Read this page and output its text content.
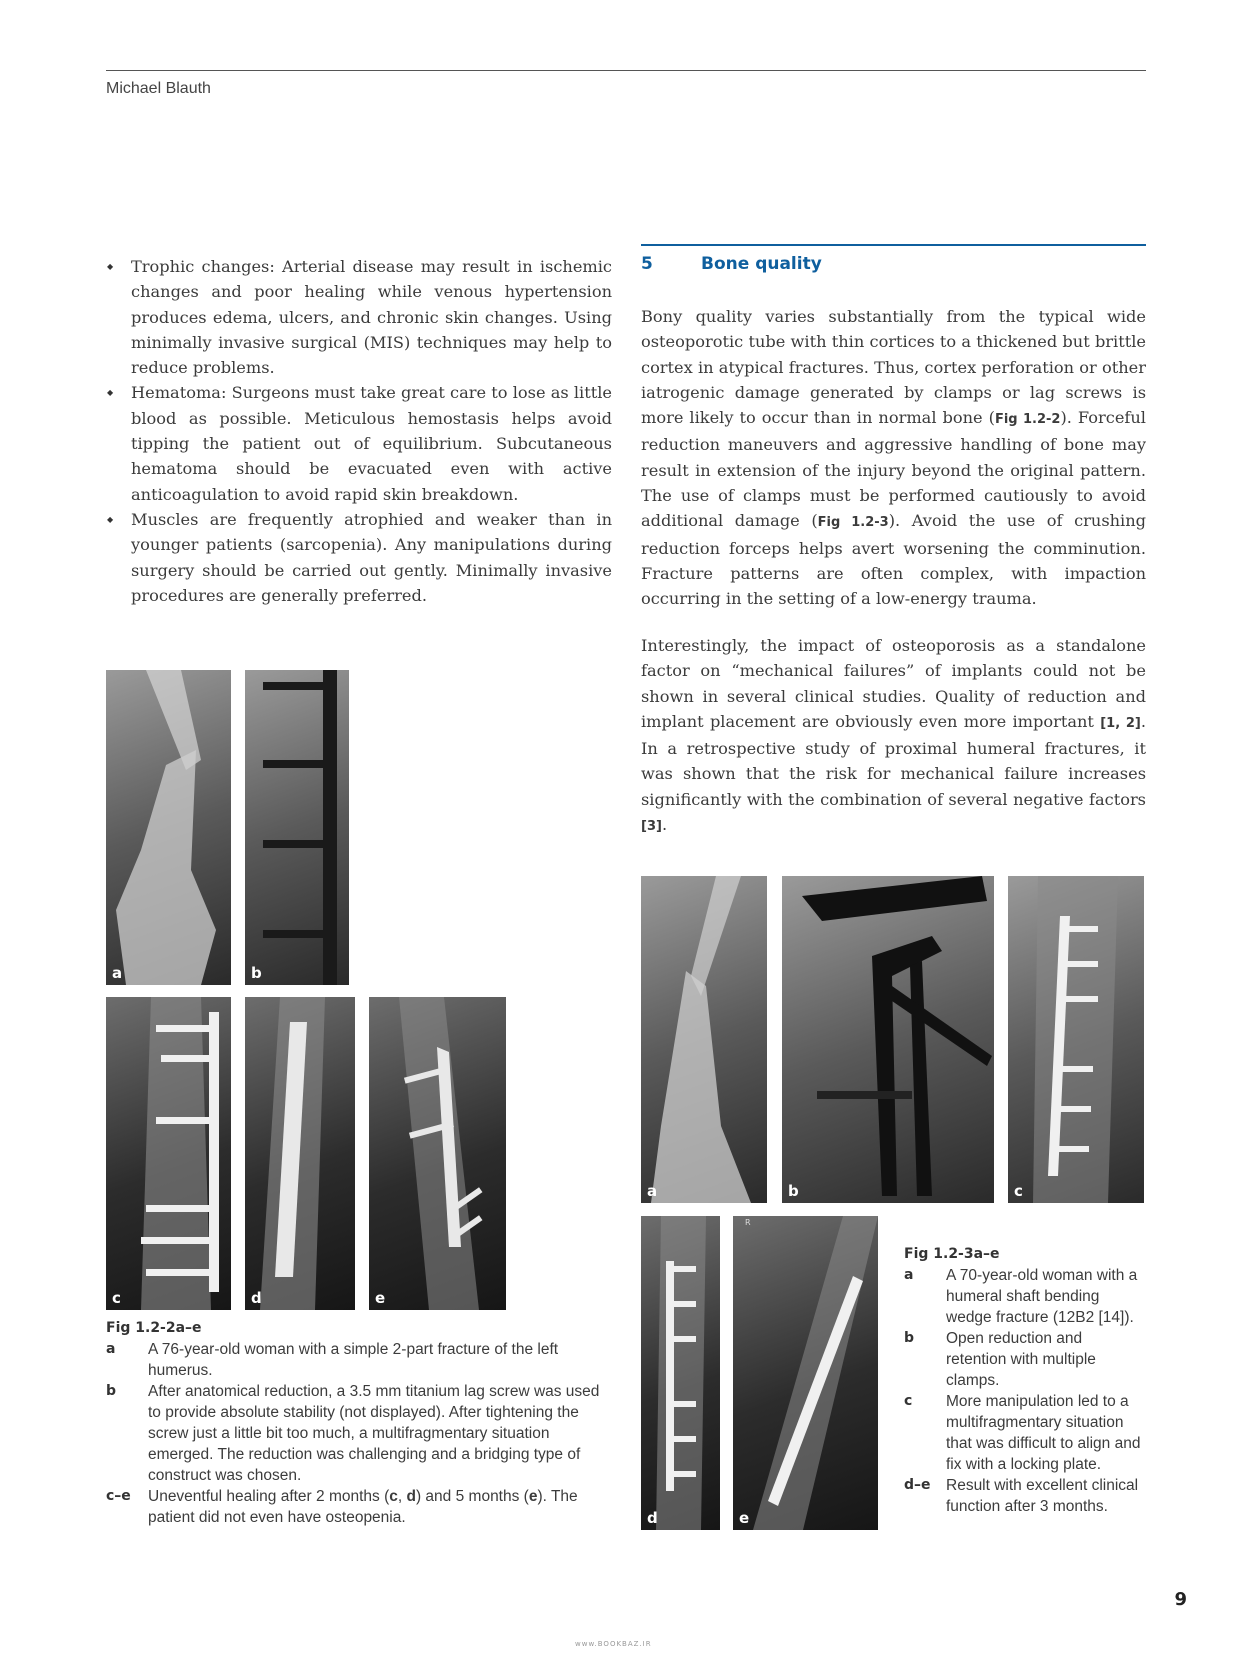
Michael Blauth
◆ Trophic changes: Arterial disease may result in ischemic changes and poor healing while venous hypertension produces edema, ulcers, and chronic skin changes. Using minimally invasive surgical (MIS) techniques may help to reduce problems.
◆ Hematoma: Surgeons must take great care to lose as little blood as possible. Meticulous hemostasis helps avoid tipping the patient out of equilibrium. Subcutaneous hematoma should be evacuated even with active anticoagulation to avoid rapid skin breakdown.
◆ Muscles are frequently atrophied and weaker than in younger patients (sarcopenia). Any manipulations during surgery should be carried out gently. Minimally invasive procedures are generally preferred.
5	Bone quality

Bony quality varies substantially from the typical wide osteoporotic tube with thin cortices to a thickened but brittle cortex in atypical fractures. Thus, cortex perforation or other iatrogenic damage generated by clamps or lag screws is more likely to occur than in normal bone (Fig 1.2-2). Forceful reduction maneuvers and aggressive handling of bone may result in extension of the injury beyond the original pattern. The use of clamps must be performed cautiously to avoid additional damage (Fig 1.2-3). Avoid the use of crushing reduction forceps helps avert worsening the comminution. Fracture patterns are often complex, with impaction occurring in the setting of a low-energy trauma.

Interestingly, the impact of osteoporosis as a standalone factor on “mechanical failures” of implants could not be shown in several clinical studies. Quality of reduction and implant placement are obviously even more important [1, 2]. In a retrospective study of proximal humeral fractures, it was shown that the risk for mechanical failure increases significantly with the combination of several negative factors [3].

a	b
c	d	e
Fig 1.2-2a–e
a	A 76-year-old woman with a simple 2-part fracture of the left humerus.
b	After anatomical reduction, a 3.5 mm titanium lag screw was used to provide absolute stability (not displayed). After tightening the screw just a little bit too much, a multifragmentary situation emerged. The reduction was challenging and a bridging type of construct was chosen.
c–e	Uneventful healing after 2 months (c, d) and 5 months (e). The patient did not even have osteopenia.
a	b	c
d
R
e
Fig 1.2-3a–e
a	A 70-year-old woman with a humeral shaft bending wedge fracture (12B2 [14]).
b	Open reduction and retention with multiple clamps.
c	More manipulation led to a multifragmentary situation that was difficult to align and fix with a locking plate.
d–e Result with excellent clinical function after 3 months.
9
www.BOOKBAZ.IR
